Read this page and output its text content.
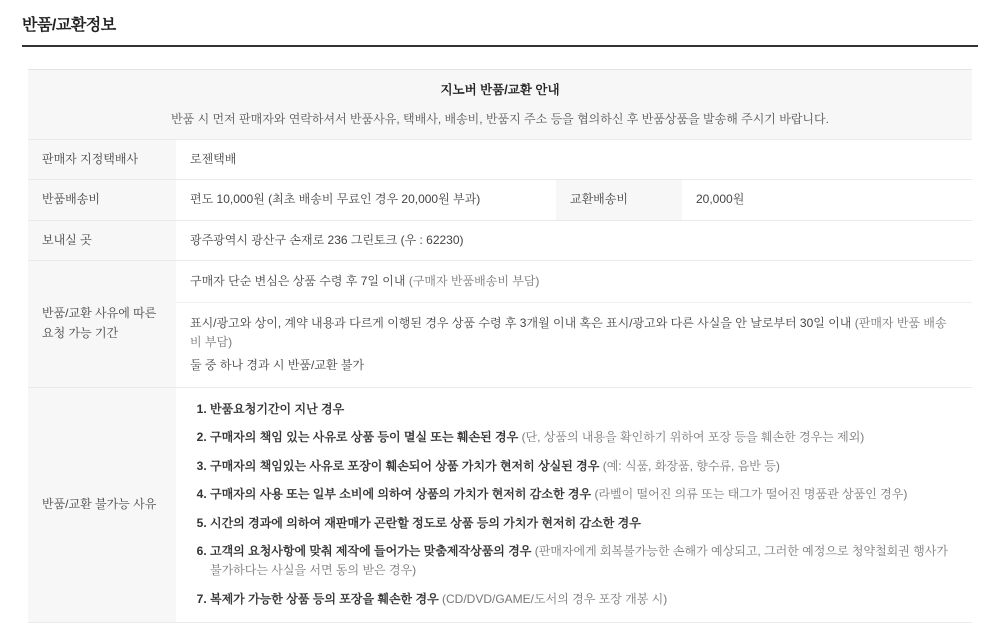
반품/교환정보
지노버 반품/교환 안내
반품 시 먼저 판매자와 연락하셔서 반품사유, 택배사, 배송비, 반품지 주소 등을 협의하신 후 반품상품을 발송해 주시기 바랍니다.			

판매자 지정택배사	로젠택배		
반품배송비	편도 10,000원 (최초 배송비 무료인 경우 20,000원 부과)	교환배송비	20,000원
보내실 곳	광주광역시 광산구 손재로 236 그린토크 (우 : 62230)		

반품/교환 사유에 따른
요청 가능 기간

구매자 단순 변심은 상품 수령 후 7일 이내 (구매자 반품배송비 부담)
표시/광고와 상이, 계약 내용과 다르게 이행된 경우 상품 수령 후 3개월 이내 혹은 표시/광고와 다른 사실을 안 날로부터 30일 이내 (판매자 반품 배송비 부담)
둘 중 하나 경과 시 반품/교환 불가

반품/교환 불가능 사유	
1. 반품요청기간이 지난 경우
2. 구매자의 책임 있는 사유로 상품 등이 멸실 또는 훼손된 경우 (단, 상품의 내용을 확인하기 위하여 포장 등을 훼손한 경우는 제외)
3. 구매자의 책임있는 사유로 포장이 훼손되어 상품 가치가 현저히 상실된 경우 (예: 식품, 화장품, 향수류, 음반 등)
4. 구매자의 사용 또는 일부 소비에 의하여 상품의 가치가 현저히 감소한 경우 (라벨이 떨어진 의류 또는 태그가 떨어진 명품관 상품인 경우)
5. 시간의 경과에 의하여 재판매가 곤란할 정도로 상품 등의 가치가 현저히 감소한 경우
6. 고객의 요청사항에 맞춰 제작에 들어가는 맞춤제작상품의 경우 (판매자에게 회복불가능한 손해가 예상되고, 그러한 예정으로 청약철회권 행사가 불가하다는 사실을 서면 동의 받은 경우)
7. 복제가 가능한 상품 등의 포장을 훼손한 경우 (CD/DVD/GAME/도서의 경우 포장 개봉 시)
